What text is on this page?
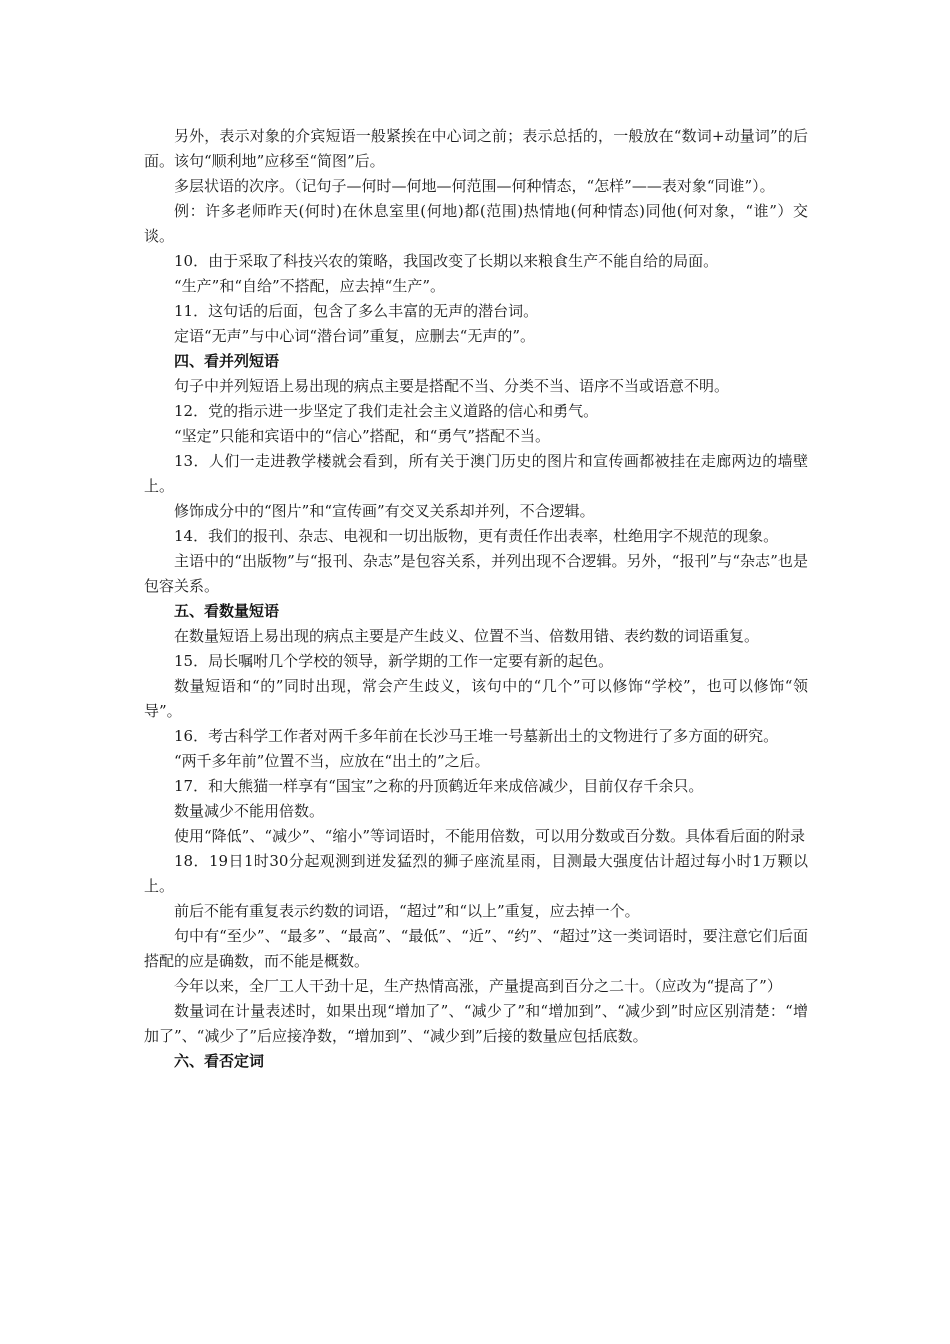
另外，表示对象的介宾短语一般紧挨在中心词之前；表示总括的，一般放在“数词+动量词”的后面。该句“顺利地”应移至“简图”后。

多层状语的次序。（记句子—何时—何地—何范围—何种情态，“怎样”——表对象“同谁”）。

例：许多老师昨天(何时)在休息室里(何地)都(范围)热情地(何种情态)同他(何对象，“谁”）交谈。

10．由于采取了科技兴农的策略，我国改变了长期以来粮食生产不能自给的局面。

“生产”和“自给”不搭配，应去掉“生产”。

11．这句话的后面，包含了多么丰富的无声的潜台词。

定语“无声”与中心词“潜台词”重复，应删去“无声的”。

四、看并列短语

句子中并列短语上易出现的病点主要是搭配不当、分类不当、语序不当或语意不明。

12．党的指示进一步坚定了我们走社会主义道路的信心和勇气。

“坚定”只能和宾语中的“信心”搭配，和“勇气”搭配不当。

13．人们一走进教学楼就会看到，所有关于澳门历史的图片和宣传画都被挂在走廊两边的墙壁上。

修饰成分中的“图片”和“宣传画”有交叉关系却并列，不合逻辑。

14．我们的报刊、杂志、电视和一切出版物，更有责任作出表率，杜绝用字不规范的现象。

主语中的“出版物”与“报刊、杂志”是包容关系，并列出现不合逻辑。另外，“报刊”与“杂志”也是包容关系。

五、看数量短语

在数量短语上易出现的病点主要是产生歧义、位置不当、倍数用错、表约数的词语重复。

15．局长嘱咐几个学校的领导，新学期的工作一定要有新的起色。

数量短语和“的”同时出现，常会产生歧义，该句中的“几个”可以修饰“学校”，也可以修饰“领导”。

16．考古科学工作者对两千多年前在长沙马王堆一号墓新出土的文物进行了多方面的研究。

“两千多年前”位置不当，应放在“出土的”之后。

17．和大熊猫一样享有“国宝”之称的丹顶鹤近年来成倍减少，目前仅存千余只。

数量减少不能用倍数。

使用“降低”、“减少”、“缩小”等词语时，不能用倍数，可以用分数或百分数。具体看后面的附录

18．19日1时30分起观测到迸发猛烈的狮子座流星雨，目测最大强度估计超过每小时1万颗以上。

前后不能有重复表示约数的词语，“超过”和“以上”重复，应去掉一个。

句中有“至少”、“最多”、“最高”、“最低”、“近”、“约”、“超过”这一类词语时，要注意它们后面搭配的应是确数，而不能是概数。

今年以来，全厂工人干劲十足，生产热情高涨，产量提高到百分之二十。（应改为“提高了”）

数量词在计量表述时，如果出现“增加了”、“减少了”和“增加到”、“减少到”时应区别清楚：“增加了”、“减少了”后应接净数，“增加到”、“减少到”后接的数量应包括底数。

六、看否定词
